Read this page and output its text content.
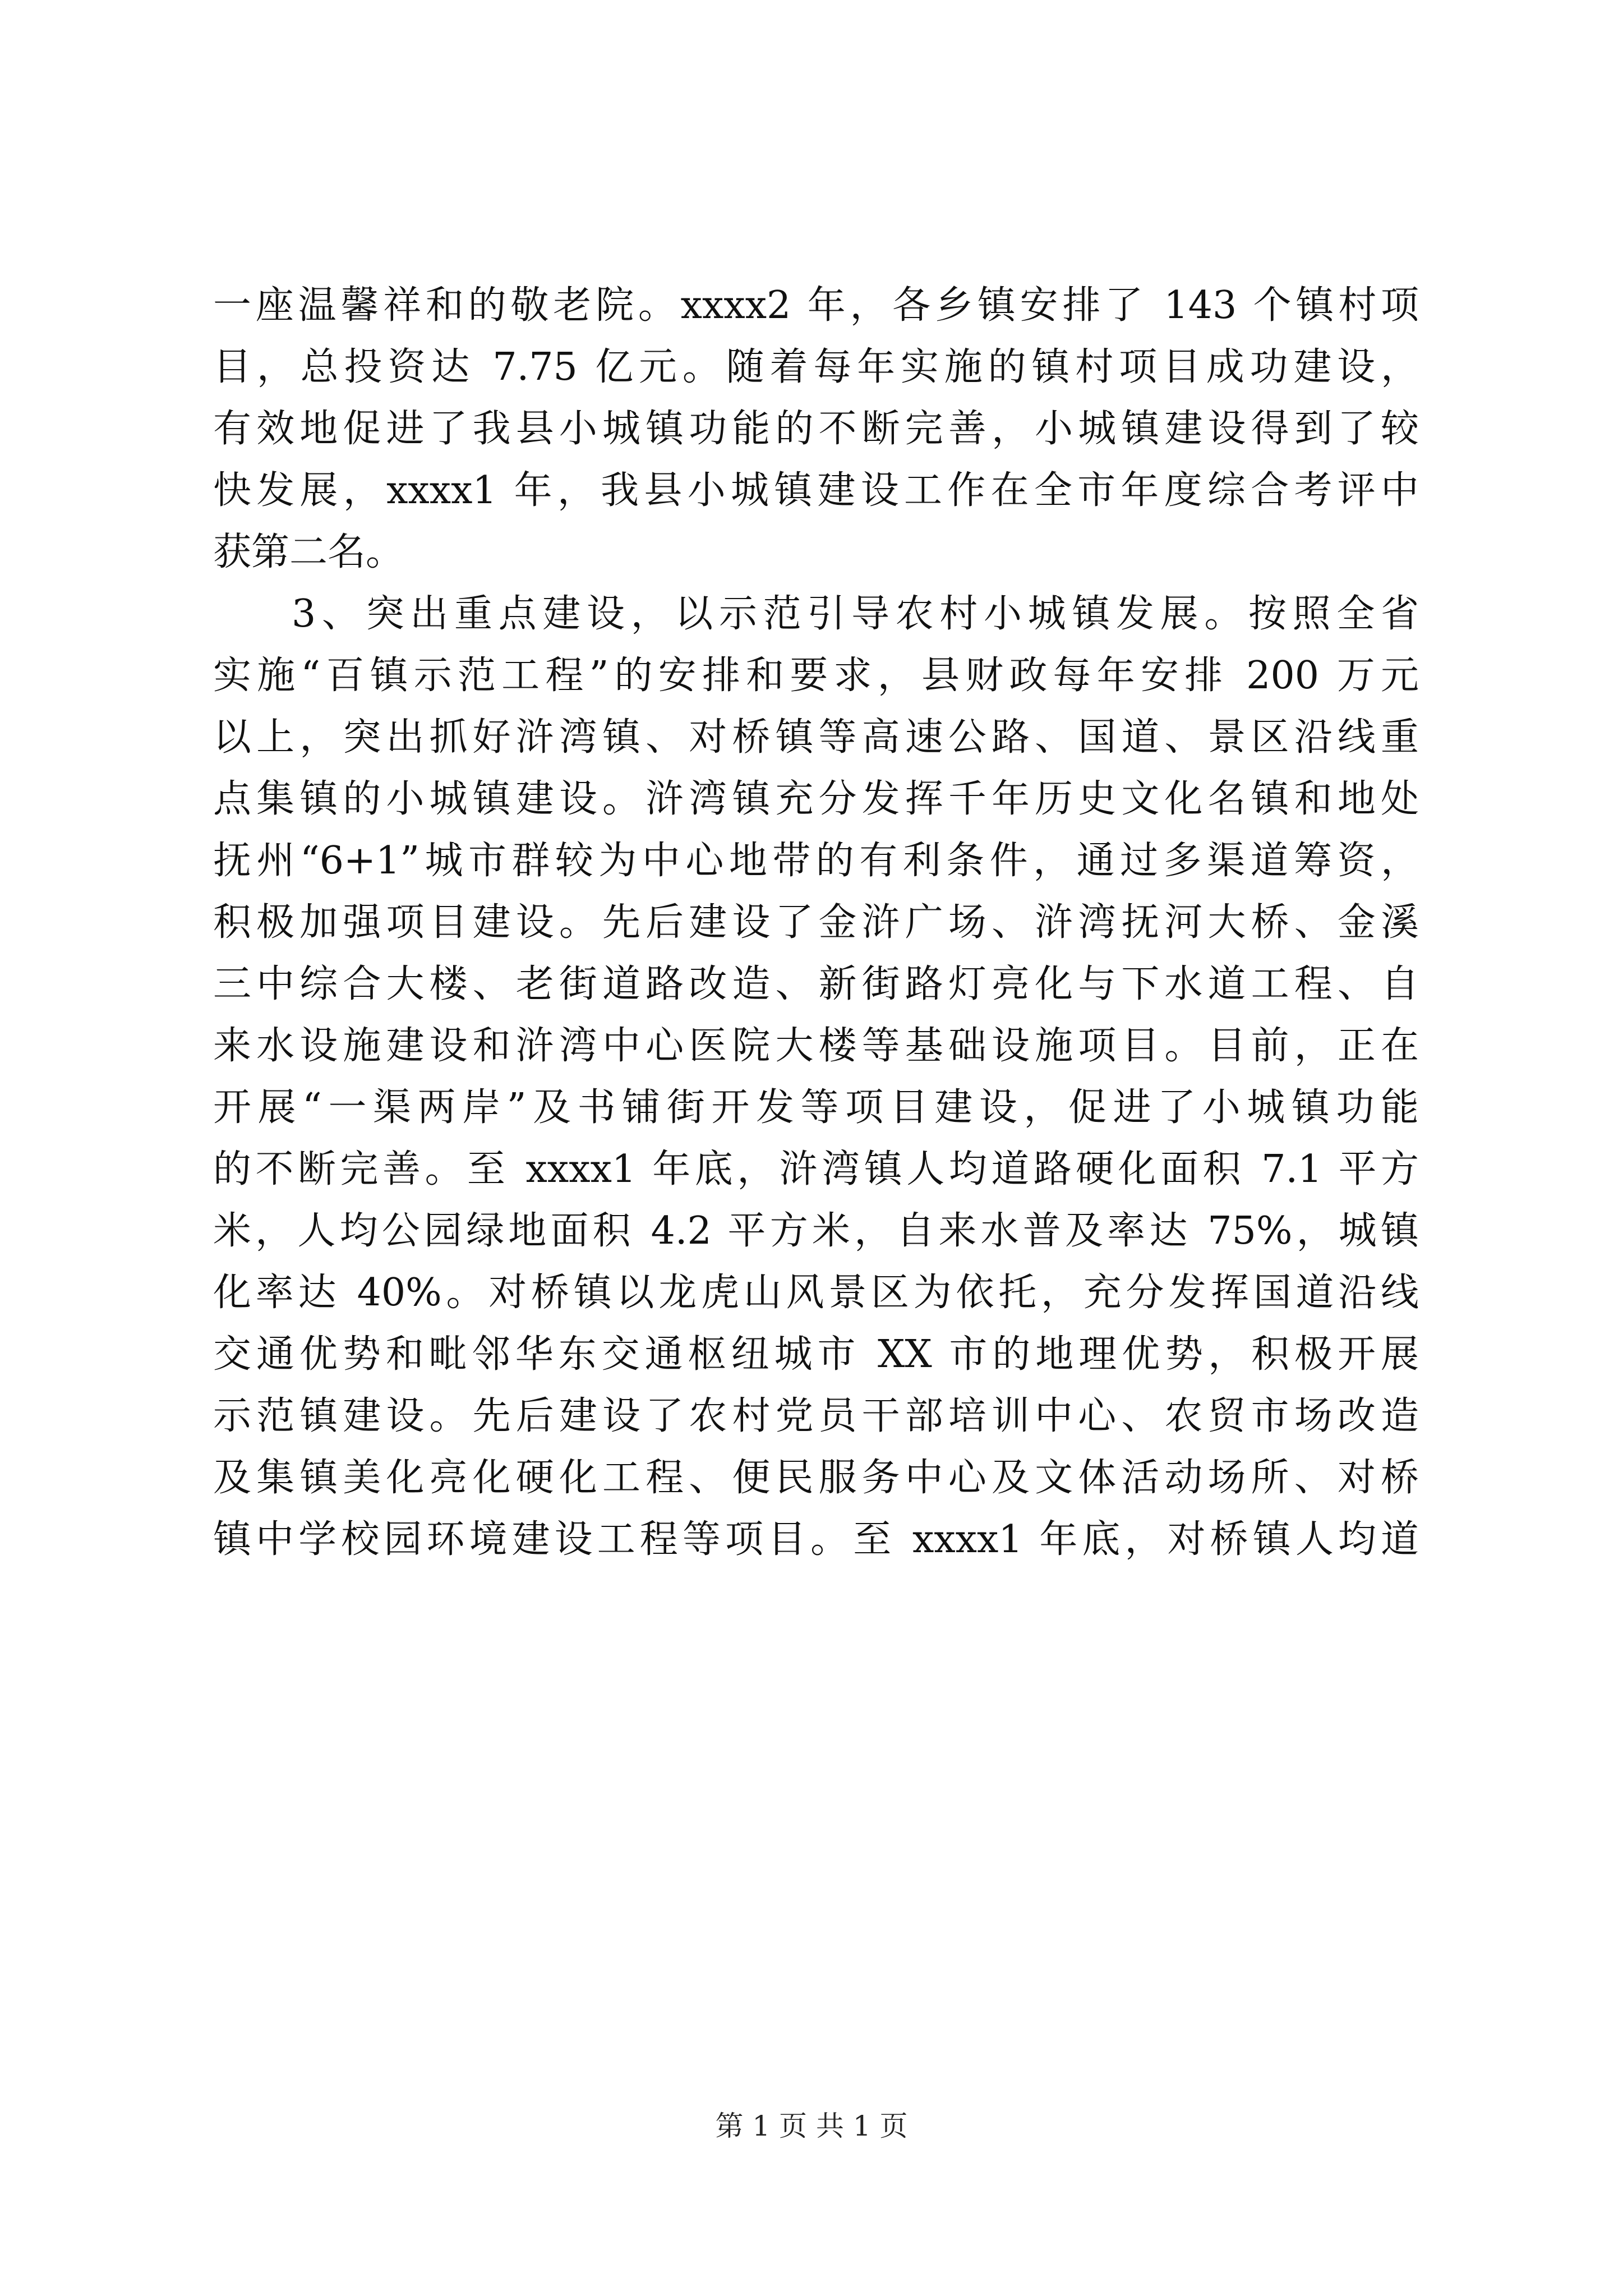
一座温馨祥和的敬老院。xxxx2 年，各乡镇安排了 143 个镇村项
目，总投资达 7.75 亿元。随着每年实施的镇村项目成功建设，
有效地促进了我县小城镇功能的不断完善，小城镇建设得到了较
快发展，xxxx1 年，我县小城镇建设工作在全市年度综合考评中
获第二名。
3、突出重点建设，以示范引导农村小城镇发展。按照全省
实施“百镇示范工程”的安排和要求，县财政每年安排 200 万元
以上，突出抓好浒湾镇、对桥镇等高速公路、国道、景区沿线重
点集镇的小城镇建设。浒湾镇充分发挥千年历史文化名镇和地处
抚州“6+1”城市群较为中心地带的有利条件，通过多渠道筹资，
积极加强项目建设。先后建设了金浒广场、浒湾抚河大桥、金溪
三中综合大楼、老街道路改造、新街路灯亮化与下水道工程、自
来水设施建设和浒湾中心医院大楼等基础设施项目。目前，正在
开展“一渠两岸”及书铺街开发等项目建设，促进了小城镇功能
的不断完善。至 xxxx1 年底，浒湾镇人均道路硬化面积 7.1 平方
米，人均公园绿地面积 4.2 平方米，自来水普及率达 75%，城镇
化率达 40%。对桥镇以龙虎山风景区为依托，充分发挥国道沿线
交通优势和毗邻华东交通枢纽城市 XX 市的地理优势，积极开展
示范镇建设。先后建设了农村党员干部培训中心、农贸市场改造
及集镇美化亮化硬化工程、便民服务中心及文体活动场所、对桥
镇中学校园环境建设工程等项目。至 xxxx1 年底，对桥镇人均道
第 1 页 共 1 页
